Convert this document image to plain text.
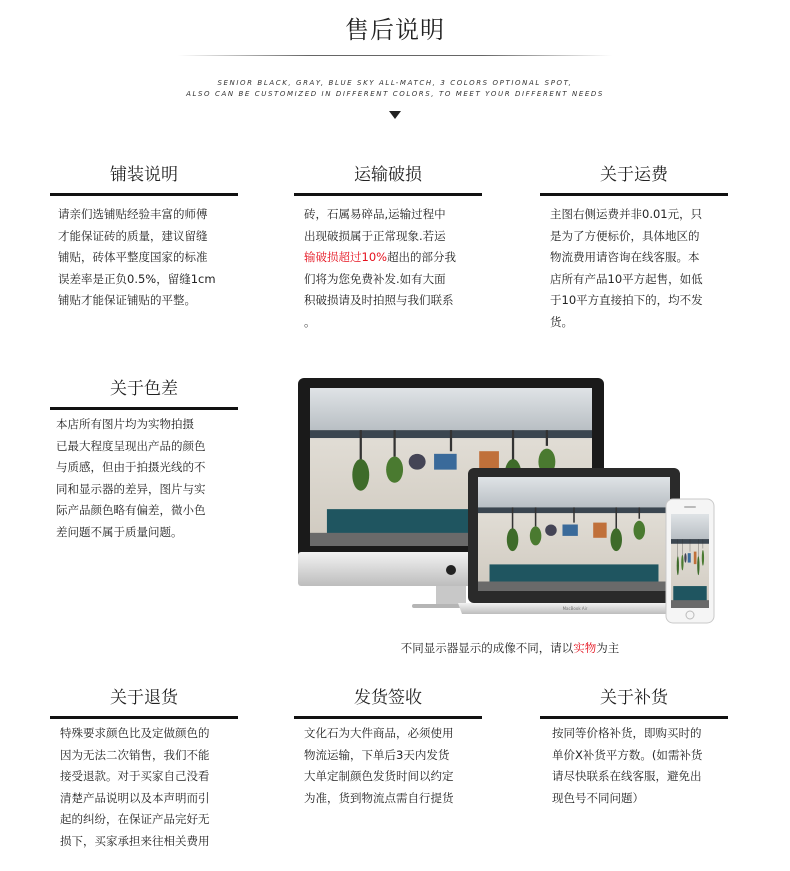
售后说明
SENIOR BLACK, GRAY, BLUE SKY ALL-MATCH, 3 COLORS OPTIONAL SPOT,
ALSO CAN BE CUSTOMIZED IN DIFFERENT COLORS, TO MEET YOUR DIFFERENT NEEDS
铺装说明
请亲们选铺贴经验丰富的师傅
才能保证砖的质量，建议留缝
铺贴，砖体平整度国家的标准
误差率是正负0.5%，留缝1cm
铺贴才能保证铺贴的平整。
运输破损
砖，石属易碎品,运输过程中
出现破损属于正常现象.若运
输破损超过10%超出的部分我
们将为您免费补发.如有大面
积破损请及时拍照与我们联系
。
关于运费
主图右侧运费并非0.01元，只
是为了方便标价，具体地区的
物流费用请咨询在线客服。本
店所有产品10平方起售，如低
于10平方直接拍下的，均不发
货。
关于色差
本店所有图片均为实物拍摄
已最大程度呈现出产品的颜色
与质感，但由于拍摄光线的不
同和显示器的差异，图片与实
际产品颜色略有偏差，微小色
差问题不属于质量问题。
MacBook Air
不同显示器显示的成像不同，请以实物为主
关于退货
特殊要求颜色比及定做颜色的
因为无法二次销售，我们不能
接受退款。对于买家自己没看
清楚产品说明以及本声明而引
起的纠纷，在保证产品完好无
损下，买家承担来往相关费用
发货签收
文化石为大件商品，必须使用
物流运输，下单后3天内发货
大单定制颜色发货时间以约定
为准，货到物流点需自行提货
关于补货
按同等价格补货，即购买时的
单价X补货平方数。(如需补货
请尽快联系在线客服，避免出
现色号不同问题）
